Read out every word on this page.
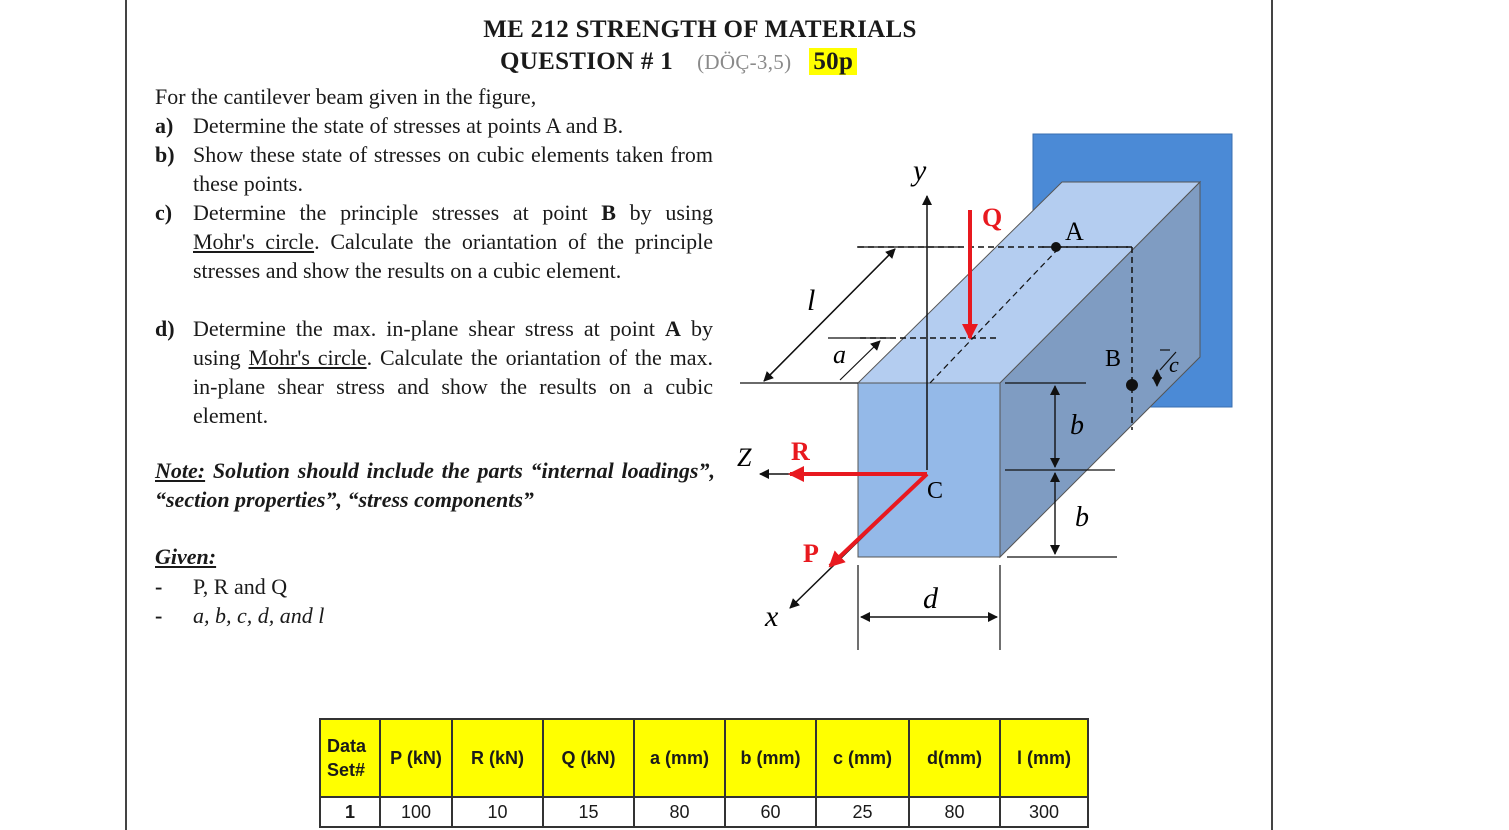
ME 212 STRENGTH OF MATERIALS
QUESTION # 1 (DÖÇ-3,5) 50p
For the cantilever beam given in the figure,
a) Determine the state of stresses at points A and B.
b) Show these state of stresses on cubic elements taken from these points.
c) Determine the principle stresses at point B by using Mohr's circle. Calculate the oriantation of the principle stresses and show the results on a cubic element.
d) Determine the max. in-plane shear stress at point A by using Mohr's circle. Calculate the oriantation of the max. in-plane shear stress and show the results on a cubic element.
Note: Solution should include the parts “internal loadings”, “section properties”, “stress components”
Given:
- P, R and Q
- a, b, c, d, and l
y
Z
x
l
a
b
b
d
c
A
B
C
P
Q
R
Data Set#	P (kN)	R (kN)	Q (kN)	a (mm)	b (mm)	c (mm)	d(mm)	l (mm)
1	100	10	15	80	60	25	80	300
